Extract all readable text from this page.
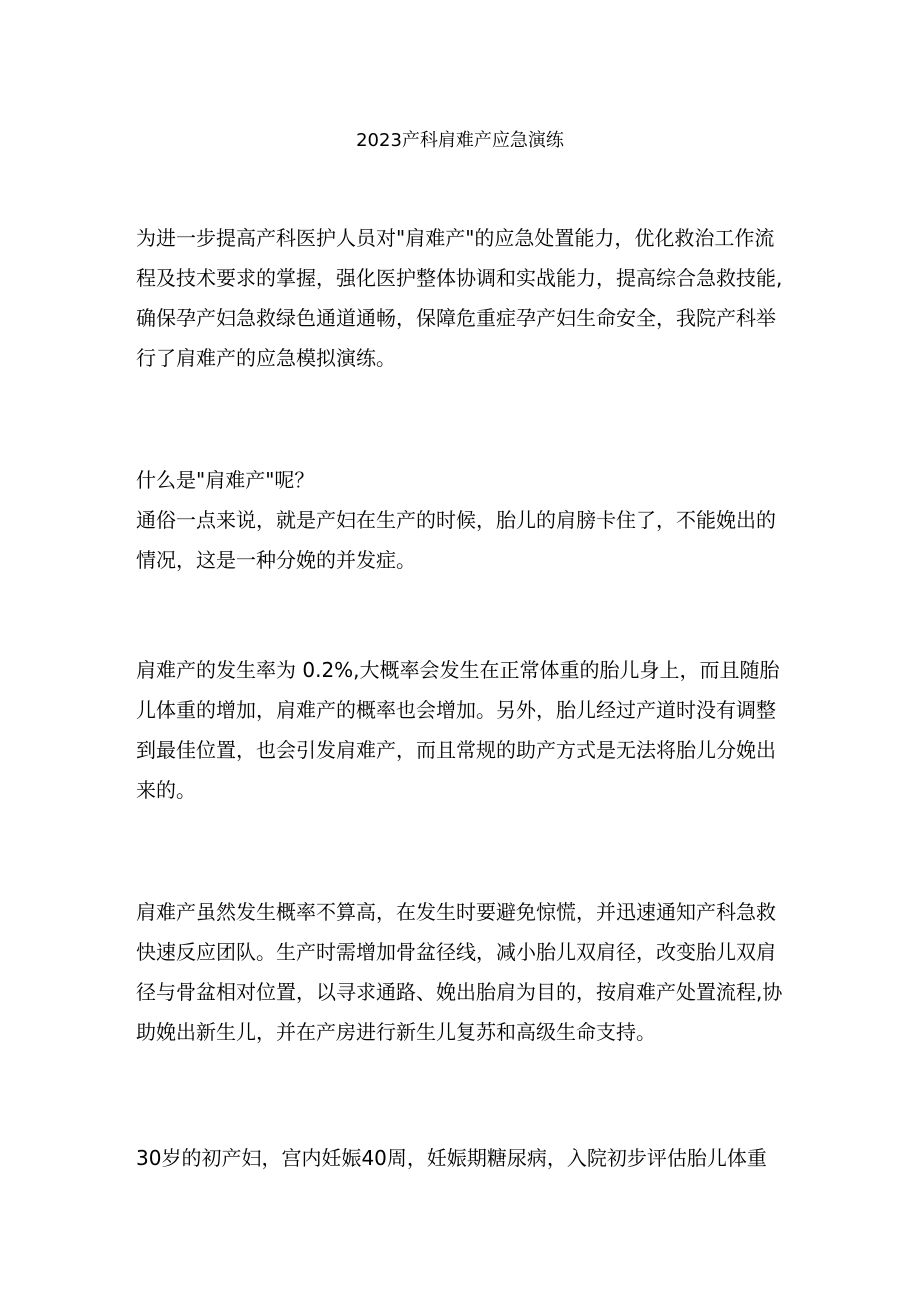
2023产科肩难产应急演练

为进一步提高产科医护人员对"肩难产"的应急处置能力，优化救治工作流
程及技术要求的掌握，强化医护整体协调和实战能力，提高综合急救技能,
确保孕产妇急救绿色通道通畅，保障危重症孕产妇生命安全，我院产科举
行了肩难产的应急模拟演练。

什么是"肩难产"呢？

通俗一点来说，就是产妇在生产的时候，胎儿的肩膀卡住了，不能娩出的
情况，这是一种分娩的并发症。

肩难产的发生率为 0.2%,大概率会发生在正常体重的胎儿身上，而且随胎
儿体重的增加，肩难产的概率也会增加。另外，胎儿经过产道时没有调整
到最佳位置，也会引发肩难产，而且常规的助产方式是无法将胎儿分娩出
来的。

肩难产虽然发生概率不算高，在发生时要避免惊慌，并迅速通知产科急救
快速反应团队。生产时需增加骨盆径线，减小胎儿双肩径，改变胎儿双肩
径与骨盆相对位置，以寻求通路、娩出胎肩为目的，按肩难产处置流程,协
助娩出新生儿，并在产房进行新生儿复苏和高级生命支持。

30岁的初产妇，宫内妊娠40周，妊娠期糖尿病，入院初步评估胎儿体重
